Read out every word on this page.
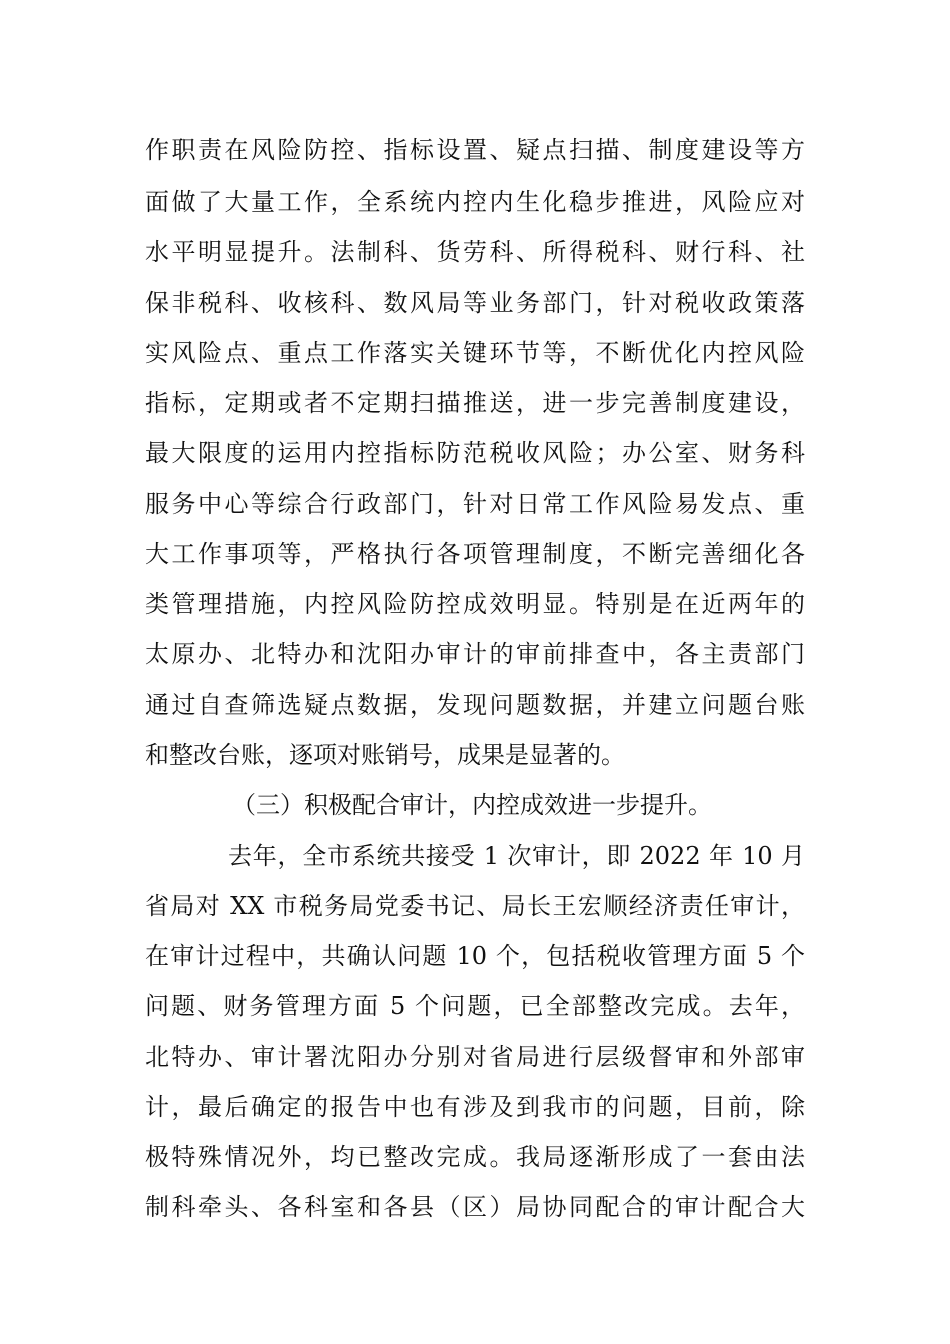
作职责在风险防控、指标设置、疑点扫描、制度建设等方
面做了大量工作，全系统内控内生化稳步推进，风险应对
水平明显提升。法制科、货劳科、所得税科、财行科、社
保非税科、收核科、数风局等业务部门，针对税收政策落
实风险点、重点工作落实关键环节等，不断优化内控风险
指标，定期或者不定期扫描推送，进一步完善制度建设，
最大限度的运用内控指标防范税收风险；办公室、财务科
服务中心等综合行政部门，针对日常工作风险易发点、重
大工作事项等，严格执行各项管理制度，不断完善细化各
类管理措施，内控风险防控成效明显。特别是在近两年的
太原办、北特办和沈阳办审计的审前排查中，各主责部门
通过自查筛选疑点数据，发现问题数据，并建立问题台账
和整改台账，逐项对账销号，成果是显著的。
（三）积极配合审计，内控成效进一步提升。
去年，全市系统共接受 1 次审计，即 2022 年 10 月
省局对 XX 市税务局党委书记、局长王宏顺经济责任审计，
在审计过程中，共确认问题 10 个，包括税收管理方面 5 个
问题、财务管理方面 5 个问题，已全部整改完成。去年，
北特办、审计署沈阳办分别对省局进行层级督审和外部审
计，最后确定的报告中也有涉及到我市的问题，目前，除
极特殊情况外，均已整改完成。我局逐渐形成了一套由法
制科牵头、各科室和各县（区）局协同配合的审计配合大
